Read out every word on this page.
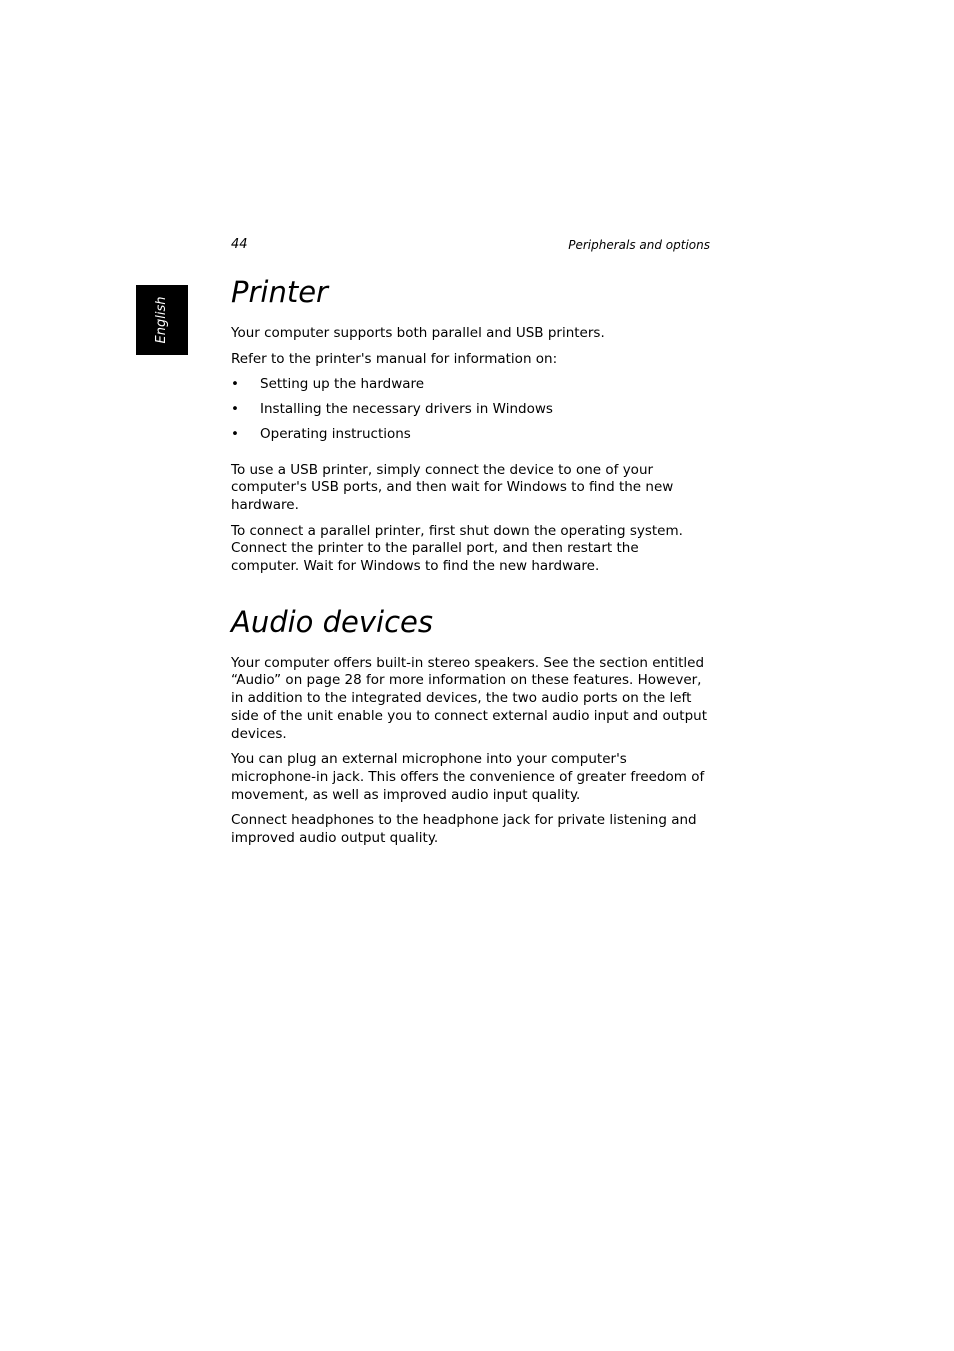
44	Peripherals and options
English
Printer

Your computer supports both parallel and USB printers.

Refer to the printer's manual for information on:

• Setting up the hardware
• Installing the necessary drivers in Windows
• Operating instructions

To use a USB printer, simply connect the device to one of your computer's USB ports, and then wait for Windows to find the new hardware.

To connect a parallel printer, first shut down the operating system. Connect the printer to the parallel port, and then restart the computer. Wait for Windows to find the new hardware.

Audio devices

Your computer offers built-in stereo speakers. See the section entitled “Audio” on page 28 for more information on these features. However, in addition to the integrated devices, the two audio ports on the left side of the unit enable you to connect external audio input and output devices.

You can plug an external microphone into your computer's microphone-in jack. This offers the convenience of greater freedom of movement, as well as improved audio input quality.

Connect headphones to the headphone jack for private listening and improved audio output quality.
